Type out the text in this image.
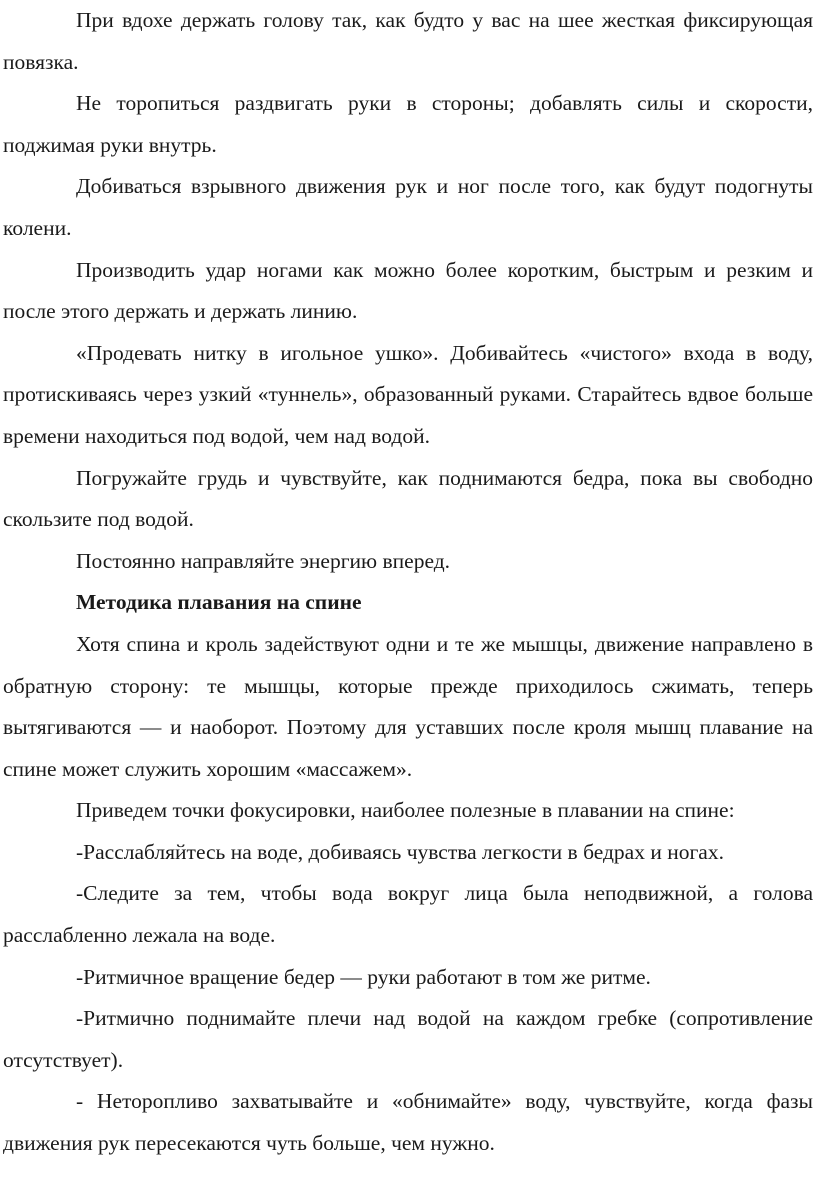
При вдохе держать голову так, как будто у вас на шее жесткая фиксирующая повязка.

Не торопиться раздвигать руки в стороны; добавлять силы и скорости, поджимая руки внутрь.

Добиваться взрывного движения рук и ног после того, как будут подогнуты колени.

Производить удар ногами как можно более коротким, быстрым и резким и после этого держать и держать линию.

«Продевать нитку в игольное ушко». Добивайтесь «чистого» входа в воду, протискиваясь через узкий «туннель», образованный руками. Старайтесь вдвое больше времени находиться под водой, чем над водой.

Погружайте грудь и чувствуйте, как поднимаются бедра, пока вы свободно скользите под водой.

Постоянно направляйте энергию вперед.

Методика плавания на спине

Хотя спина и кроль задействуют одни и те же мышцы, движение направлено в обратную сторону: те мышцы, которые прежде приходилось сжимать, теперь вытягиваются — и наоборот. Поэтому для уставших после кроля мышц плавание на спине может служить хорошим «массажем».

Приведем точки фокусировки, наиболее полезные в плавании на спине:

-Расслабляйтесь на воде, добиваясь чувства легкости в бедрах и ногах.

-Следите за тем, чтобы вода вокруг лица была неподвижной, а голова расслабленно лежала на воде.

-Ритмичное вращение бедер — руки работают в том же ритме.

-Ритмично поднимайте плечи над водой на каждом гребке (сопротивление отсутствует).

- Неторопливо захватывайте и «обнимайте» воду, чувствуйте, когда фазы движения рук пересекаются чуть больше, чем нужно.
